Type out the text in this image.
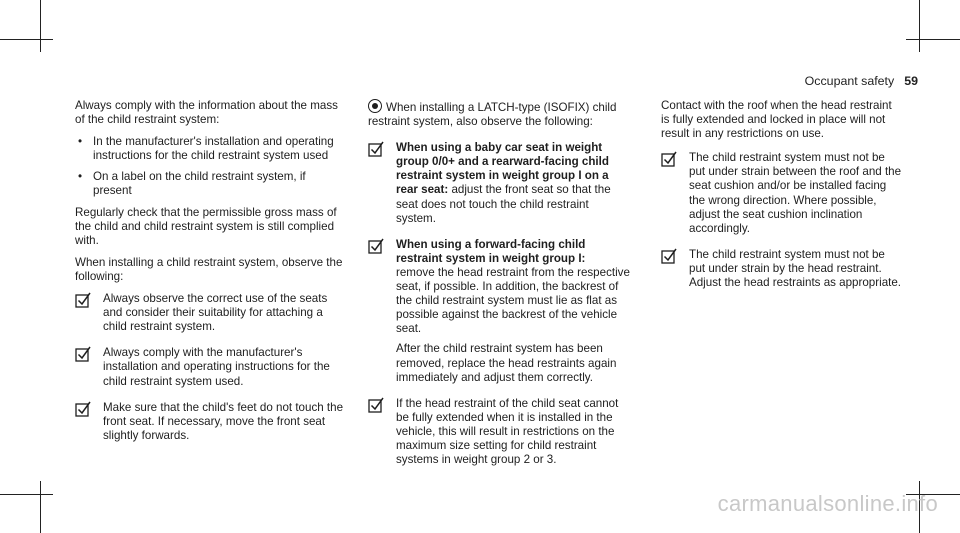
Occupant safety 59

Always comply with the information about the mass of the child restraint system:

• In the manufacturer's installation and operating instructions for the child restraint system used
• On a label on the child restraint system, if present

Regularly check that the permissible gross mass of the child and child restraint system is still complied with.

When installing a child restraint system, observe the following:

Always observe the correct use of the seats and consider their suitability for attaching a child restraint system.
Always comply with the manufacturer's installation and operating instructions for the child restraint system used.
Make sure that the child's feet do not touch the front seat. If necessary, move the front seat slightly forwards.
When installing a LATCH-type (ISOFIX) child restraint system, also observe the following:
When using a baby car seat in weight group 0/0+ and a rearward-facing child restraint system in weight group I on a rear seat: adjust the front seat so that the seat does not touch the child restraint system.
When using a forward-facing child restraint system in weight group I:
remove the head restraint from the respective seat, if possible. In addition, the backrest of the child restraint system must lie as flat as possible against the backrest of the vehicle seat.
After the child restraint system has been removed, replace the head restraints again immediately and adjust them correctly.
If the head restraint of the child seat cannot be fully extended when it is installed in the vehicle, this will result in restrictions on the maximum size setting for child restraint systems in weight group 2 or 3.

Contact with the roof when the head restraint is fully extended and locked in place will not result in any restrictions on use.

The child restraint system must not be put under strain between the roof and the seat cushion and/or be installed facing the wrong direction. Where possible, adjust the seat cushion inclination accordingly.
The child restraint system must not be put under strain by the head restraint. Adjust the head restraints as appropriate.
carmanualsonline.info
